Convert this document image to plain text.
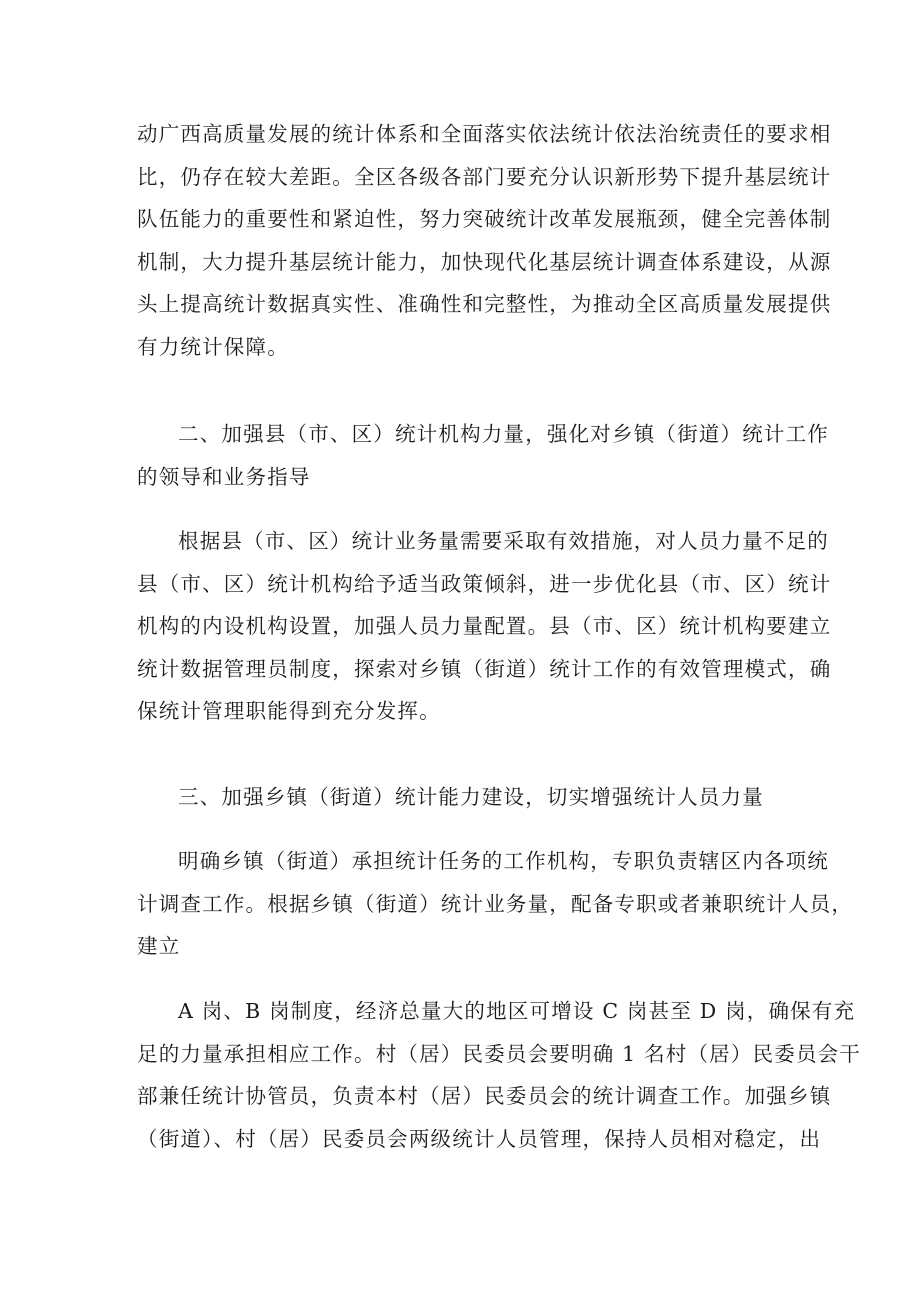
动广西高质量发展的统计体系和全面落实依法统计依法治统责任的要求相
比，仍存在较大差距。全区各级各部门要充分认识新形势下提升基层统计
队伍能力的重要性和紧迫性，努力突破统计改革发展瓶颈，健全完善体制
机制，大力提升基层统计能力，加快现代化基层统计调查体系建设，从源
头上提高统计数据真实性、准确性和完整性，为推动全区高质量发展提供
有力统计保障。
二、加强县（市、区）统计机构力量，强化对乡镇（街道）统计工作
的领导和业务指导
根据县（市、区）统计业务量需要采取有效措施，对人员力量不足的
县（市、区）统计机构给予适当政策倾斜，进一步优化县（市、区）统计
机构的内设机构设置，加强人员力量配置。县（市、区）统计机构要建立
统计数据管理员制度，探索对乡镇（街道）统计工作的有效管理模式，确
保统计管理职能得到充分发挥。
三、加强乡镇（街道）统计能力建设，切实增强统计人员力量
明确乡镇（街道）承担统计任务的工作机构，专职负责辖区内各项统
计调查工作。根据乡镇（街道）统计业务量，配备专职或者兼职统计人员，
建立
A 岗、B 岗制度，经济总量大的地区可增设 C 岗甚至 D 岗，确保有充
足的力量承担相应工作。村（居）民委员会要明确 1 名村（居）民委员会干
部兼任统计协管员，负责本村（居）民委员会的统计调查工作。加强乡镇
（街道）、村（居）民委员会两级统计人员管理，保持人员相对稳定，出
